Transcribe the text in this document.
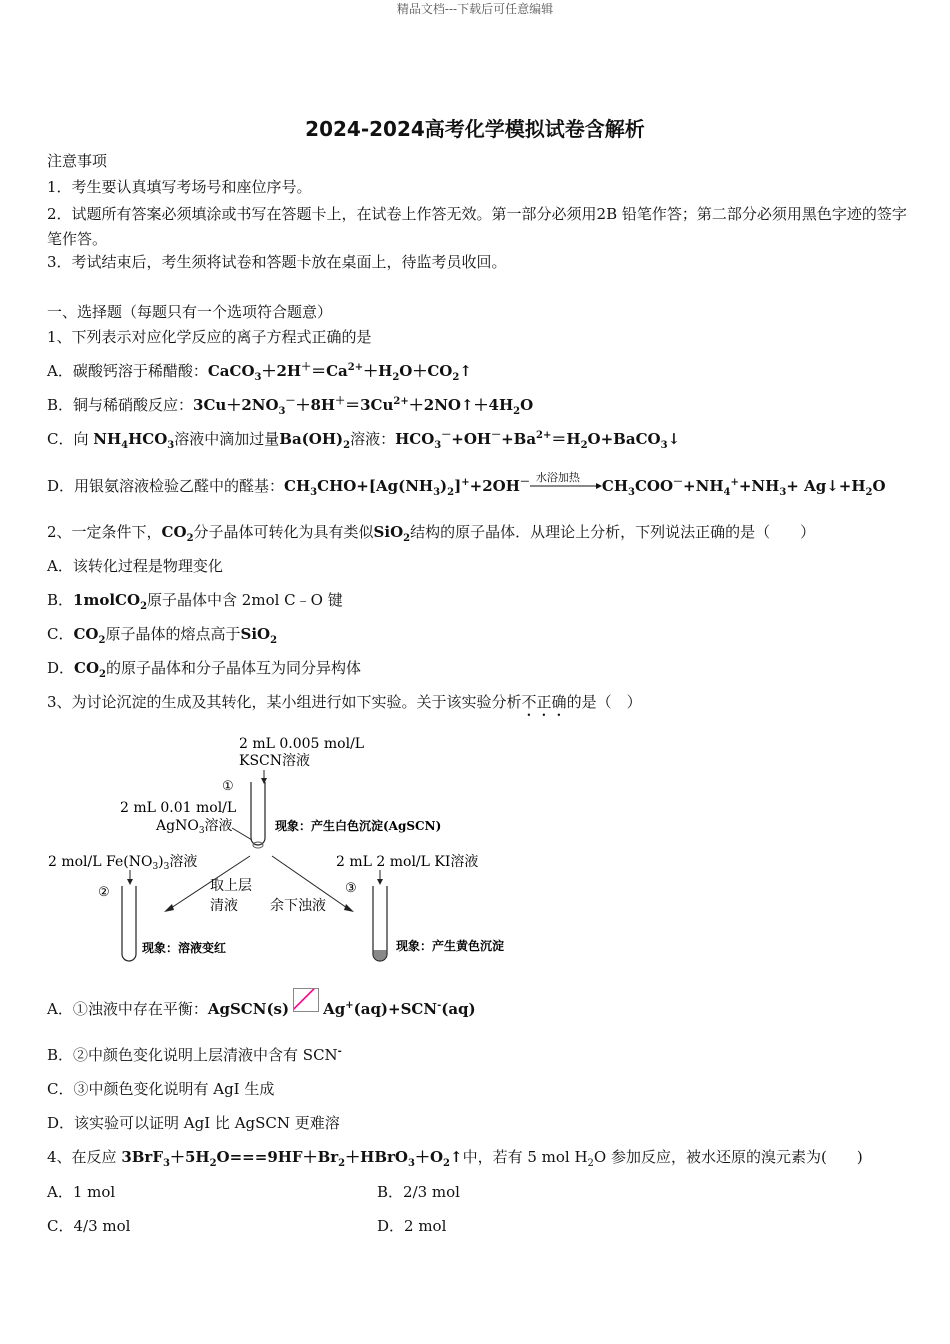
精品文档---下载后可任意编辑
2024-2024高考化学模拟试卷含解析
注意事项
1．考生要认真填写考场号和座位序号。
2．试题所有答案必须填涂或书写在答题卡上，在试卷上作答无效。第一部分必须用2B 铅笔作答；第二部分必须用黑色字迹的签字笔作答。
3．考试结束后，考生须将试卷和答题卡放在桌面上，待监考员收回。
一、选择题（每题只有一个选项符合题意）
1、下列表示对应化学反应的离子方程式正确的是
A．碳酸钙溶于稀醋酸：$CaCO_3+2H^+=Ca^{2+}+H_2O+CO_2↑$
B．铜与稀硝酸反应：$3Cu+2NO_3^-+8H^+=3Cu^{2+}+2NO↑+4H_2O$
C．向 $NH_4HCO_3$溶液中滴加过量$Ba(OH)_2$溶液：$HCO_3^-+OH^-+Ba^{2+}=H_2O+BaCO_3↓$
D．用银氨溶液检验乙醛中的醛基：$CH_3CHO+[Ag(NH_3)_2]^++2OH^-$ 水浴加热 $CH_3COO^-+NH_4^++NH_3+$ $Ag↓+H_2O$
2、一定条件下，$CO_2$分子晶体可转化为具有类似SiO$_2$结构的原子晶体．从理论上分析，下列说法正确的是（　　）
A．该转化过程是物理变化
B．1molCO$_2$原子晶体中含 2mol C﹣O 键
C．$CO_2$原子晶体的熔点高于SiO$_2$
D．$CO_2$的原子晶体和分子晶体互为同分异构体
3、为讨论沉淀的生成及其转化，某小组进行如下实验。关于该实验分析不正确的是（　）
2 mL 0.005 mol/L
KSCN溶液
①
2 mL 0.01 mol/L
AgNO$_3$溶液	现象：产生白色沉淀(AgSCN)
2 mol/L $Fe(NO_3)_3$溶液	2 mL 2 mol/L KI溶液
②	③
取上层
清液 余下浊液
现象：溶液变红	现象：产生黄色沉淀
A．①浊液中存在平衡：AgSCN(s) Ag+(aq)+SCN-(aq)
B．②中颜色变化说明上层清液中含有 SCN-
C．③中颜色变化说明有 AgI 生成
D．该实验可以证明 AgI 比 AgSCN 更难溶
4、在反应 $3BrF_3+5H_2O===9HF+Br_2+HBrO_3+O_2↑$中，若有 5 mol $H_2O$ 参加反应，被水还原的溴元素为(　　)
A．1 mol	B．2/3 mol
C．4/3 mol	D．2 mol
